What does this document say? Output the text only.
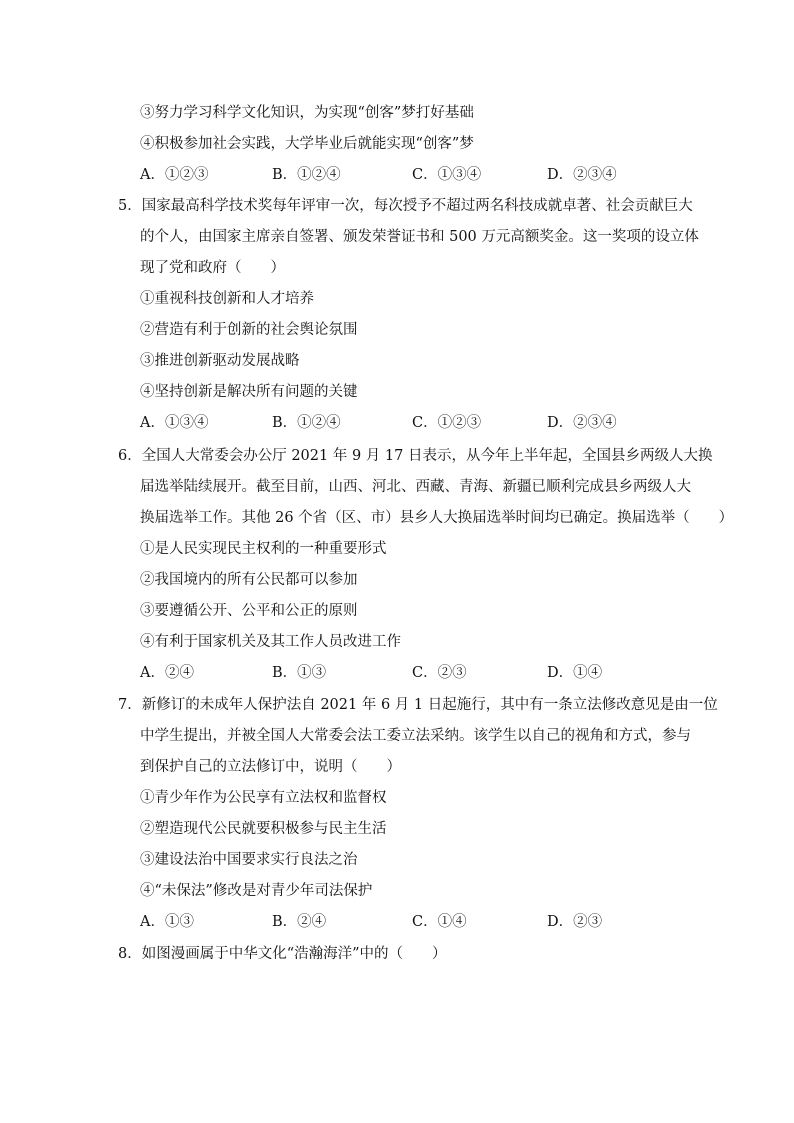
③努力学习科学文化知识，为实现“创客”梦打好基础
④积极参加社会实践，大学毕业后就能实现“创客”梦
A．①②③	B．①②④	C．①③④	D．②③④
5．国家最高科学技术奖每年评审一次，每次授予不超过两名科技成就卓著、社会贡献巨大
的个人，由国家主席亲自签署、颁发荣誉证书和 500 万元高额奖金。这一奖项的设立体
现了党和政府（　　）
①重视科技创新和人才培养
②营造有利于创新的社会舆论氛围
③推进创新驱动发展战略
④坚持创新是解决所有问题的关键
A．①③④	B．①②④	C．①②③	D．②③④
6．全国人大常委会办公厅 2021 年 9 月 17 日表示，从今年上半年起，全国县乡两级人大换
届选举陆续展开。截至目前，山西、河北、西藏、青海、新疆已顺利完成县乡两级人大
换届选举工作。其他 26 个省（区、市）县乡人大换届选举时间均已确定。换届选举（　　）
①是人民实现民主权利的一种重要形式
②我国境内的所有公民都可以参加
③要遵循公开、公平和公正的原则
④有利于国家机关及其工作人员改进工作
A．②④	B．①③	C．②③	D．①④
7．新修订的未成年人保护法自 2021 年 6 月 1 日起施行，其中有一条立法修改意见是由一位
中学生提出，并被全国人大常委会法工委立法采纳。该学生以自己的视角和方式，参与
到保护自己的立法修订中，说明（　　）
①青少年作为公民享有立法权和监督权
②塑造现代公民就要积极参与民主生活
③建设法治中国要求实行良法之治
④“未保法”修改是对青少年司法保护
A．①③	B．②④	C．①④	D．②③
8．如图漫画属于中华文化“浩瀚海洋”中的（　　）
